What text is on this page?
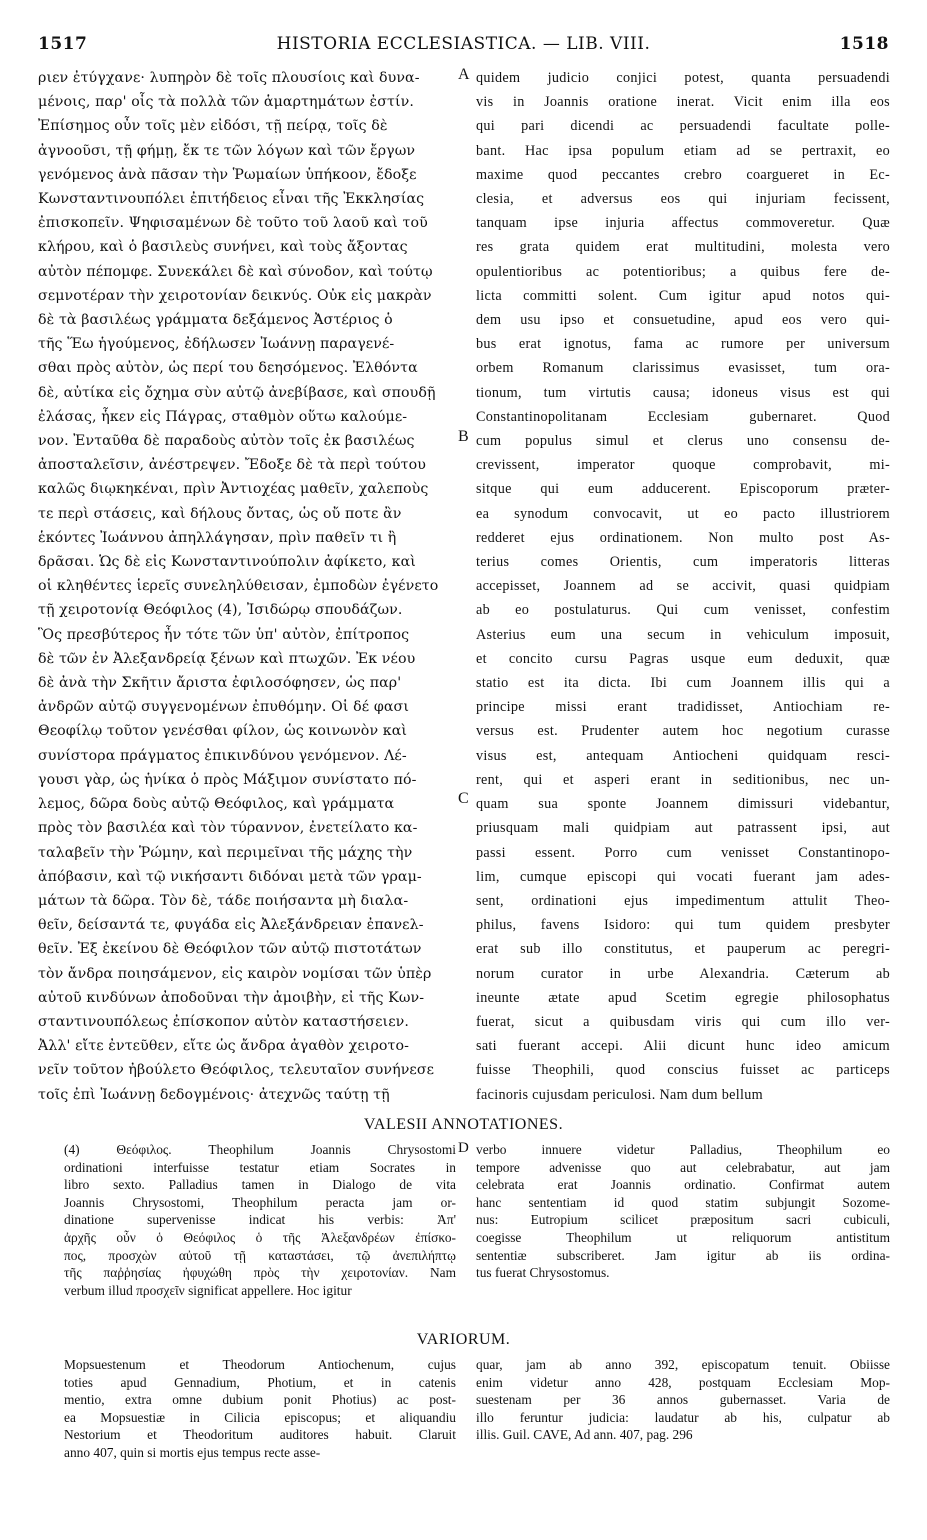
1517	HISTORIA ECCLESIASTICA. — LIB. VIII.	1518
ριεν ἐτύγχανε· λυπηρὸν δὲ τοῖς πλουσίοις καὶ δυνα-
μένοις, παρ' οἷς τὰ πολλὰ τῶν ἁμαρτημάτων ἐστίν.
Ἐπίσημος οὖν τοῖς μὲν εἰδόσι, τῇ πείρᾳ, τοῖς δὲ
ἀγνοοῦσι, τῇ φήμῃ, ἔκ τε τῶν λόγων καὶ τῶν ἔργων
γενόμενος ἀνὰ πᾶσαν τὴν Ῥωμαίων ὑπήκοον, ἔδοξε
Κωνσταντινουπόλει ἐπιτήδειος εἶναι τῆς Ἐκκλησίας
ἐπισκοπεῖν. Ψηφισαμένων δὲ τοῦτο τοῦ λαοῦ καὶ τοῦ
κλήρου, καὶ ὁ βασιλεὺς συνήνει, καὶ τοὺς ἄξοντας
αὐτὸν πέπομφε. Συνεκάλει δὲ καὶ σύνοδον, καὶ τούτῳ
σεμνοτέραν τὴν χειροτονίαν δεικνύς. Οὐκ εἰς μακρὰν
δὲ τὰ βασιλέως γράμματα δεξάμενος Ἀστέριος ὁ
τῆς Ἕω ἡγούμενος, ἐδήλωσεν Ἰωάννῃ παραγενέ-
σθαι πρὸς αὐτὸν, ὡς περί του δεησόμενος. Ἐλθόντα
δὲ, αὐτίκα εἰς ὄχημα σὺν αὐτῷ ἀνεβίβασε, καὶ σπουδῇ
ἐλάσας, ἧκεν εἰς Πάγρας, σταθμὸν οὕτω καλούμε-
νον. Ἐνταῦθα δὲ παραδοὺς αὐτὸν τοῖς ἐκ βασιλέως
ἀποσταλεῖσιν, ἀνέστρεψεν. Ἔδοξε δὲ τὰ περὶ τούτου
καλῶς διῳκηκέναι, πρὶν Ἀντιοχέας μαθεῖν, χαλεποὺς
τε περὶ στάσεις, καὶ δήλους ὄντας, ὡς οὔ ποτε ἂν
ἑκόντες Ἰωάννου ἀπηλλάγησαν, πρὶν παθεῖν τι ἢ
δρᾶσαι. Ὡς δὲ εἰς Κωνσταντινούπολιν ἀφίκετο, καὶ
οἱ κληθέντες ἱερεῖς συνεληλύθεισαν, ἐμποδὼν ἐγένετο
τῇ χειροτονίᾳ Θεόφιλος (4), Ἰσιδώρῳ σπουδάζων.
Ὃς πρεσβύτερος ἦν τότε τῶν ὑπ' αὐτὸν, ἐπίτροπος
δὲ τῶν ἐν Ἀλεξανδρείᾳ ξένων καὶ πτωχῶν. Ἐκ νέου
δὲ ἀνὰ τὴν Σκῆτιν ἄριστα ἐφιλοσόφησεν, ὡς παρ'
ἀνδρῶν αὐτῷ συγγενομένων ἐπυθόμην. Οἱ δέ φασι
Θεοφίλῳ τοῦτον γενέσθαι φίλον, ὡς κοινωνὸν καὶ
συνίστορα πράγματος ἐπικινδύνου γενόμενον. Λέ-
γουσι γὰρ, ὡς ἡνίκα ὁ πρὸς Μάξιμον συνίστατο πό-
λεμος, δῶρα δοὺς αὐτῷ Θεόφιλος, καὶ γράμματα
πρὸς τὸν βασιλέα καὶ τὸν τύραννον, ἐνετείλατο κα-
ταλαβεῖν τὴν Ῥώμην, καὶ περιμεῖναι τῆς μάχης τὴν
ἀπόβασιν, καὶ τῷ νικήσαντι διδόναι μετὰ τῶν γραμ-
μάτων τὰ δῶρα. Τὸν δὲ, τάδε ποιήσαντα μὴ διαλα-
θεῖν, δείσαντά τε, φυγάδα εἰς Ἀλεξάνδρειαν ἐπανελ-
θεῖν. Ἐξ ἐκείνου δὲ Θεόφιλον τῶν αὐτῷ πιστοτάτων
τὸν ἄνδρα ποιησάμενον, εἰς καιρὸν νομίσαι τῶν ὑπὲρ
αὐτοῦ κινδύνων ἀποδοῦναι τὴν ἀμοιβὴν, εἰ τῆς Κων-
σταντινουπόλεως ἐπίσκοπον αὐτὸν καταστήσειεν.
Ἀλλ' εἴτε ἐντεῦθεν, εἴτε ὡς ἄνδρα ἀγαθὸν χειροτο-
νεῖν τοῦτον ἠβούλετο Θεόφιλος, τελευταῖον συνήνεσε
τοῖς ἐπὶ Ἰωάννῃ δεδογμένοις· ἀτεχνῶς ταύτῃ τῇ
A
B
C
quidem judicio conjici potest, quanta persuadendi
vis in Joannis oratione inerat. Vicit enim illa eos
qui pari dicendi ac persuadendi facultate polle-
bant. Hac ipsa populum etiam ad se pertraxit, eo
maxime quod peccantes crebro coargueret in Ec-
clesia, et adversus eos qui injuriam fecissent,
tanquam ipse injuria affectus commoveretur. Quæ
res grata quidem erat multitudini, molesta vero
opulentioribus ac potentioribus; a quibus fere de-
licta committi solent. Cum igitur apud notos qui-
dem usu ipso et consuetudine, apud eos vero qui-
bus erat ignotus, fama ac rumore per universum
orbem Romanum clarissimus evasisset, tum ora-
tionum, tum virtutis causa; idoneus visus est qui
Constantinopolitanam Ecclesiam gubernaret. Quod
cum populus simul et clerus uno consensu de-
crevissent, imperator quoque comprobavit, mi-
sitque qui eum adducerent. Episcoporum præter-
ea synodum convocavit, ut eo pacto illustriorem
redderet ejus ordinationem. Non multo post As-
terius comes Orientis, cum imperatoris litteras
accepisset, Joannem ad se accivit, quasi quidpiam
ab eo postulaturus. Qui cum venisset, confestim
Asterius eum una secum in vehiculum imposuit,
et concito cursu Pagras usque eum deduxit, quæ
statio est ita dicta. Ibi cum Joannem illis qui a
principe missi erant tradidisset, Antiochiam re-
versus est. Prudenter autem hoc negotium curasse
visus est, antequam Antiocheni quidquam resci-
rent, qui et asperi erant in seditionibus, nec un-
quam sua sponte Joannem dimissuri videbantur,
priusquam mali quidpiam aut patrassent ipsi, aut
passi essent. Porro cum venisset Constantinopo-
lim, cumque episcopi qui vocati fuerant jam ades-
sent, ordinationi ejus impedimentum attulit Theo-
philus, favens Isidoro: qui tum quidem presbyter
erat sub illo constitutus, et pauperum ac peregri-
norum curator in urbe Alexandria. Cæterum ab
ineunte ætate apud Scetim egregie philosophatus
fuerat, sicut a quibusdam viris qui cum illo ver-
sati fuerant accepi. Alii dicunt hunc ideo amicum
fuisse Theophili, quod conscius fuisset ac particeps
facinoris cujusdam periculosi. Nam dum bellum
VALESII ANNOTATIONES.
(4) Θεόφιλος. Theophilum Joannis Chrysostomi
ordinationi interfuisse testatur etiam Socrates in
libro sexto. Palladius tamen in Dialogo de vita
Joannis Chrysostomi, Theophilum peracta jam or-
dinatione supervenisse indicat his verbis: Ἀπ'
ἀρχῆς οὖν ὁ Θεόφιλος ὁ τῆς Ἀλεξανδρέων ἐπίσκο-
πος, προσχὼν αὐτοῦ τῇ καταστάσει, τῷ ἀνεπιλήπτῳ
τῆς παῤῥησίας ἠφυχώθη πρὸς τὴν χειροτονίαν. Nam
verbum illud προσχεῖν significat appellere. Hoc igitur
D verbo innuere videtur Palladius, Theophilum eo
tempore advenisse quo aut celebrabatur, aut jam
celebrata erat Joannis ordinatio. Confirmat autem
hanc sententiam id quod statim subjungit Sozome-
nus: Eutropium scilicet præpositum sacri cubiculi,
coegisse Theophilum ut reliquorum antistitum
sententiæ subscriberet. Jam igitur ab iis ordina-
tus fuerat Chrysostomus.
VARIORUM.
Mopsuestenum et Theodorum Antiochenum, cujus
toties apud Gennadium, Photium, et in catenis
mentio, extra omne dubium ponit Photius) ac post-
ea Mopsuestiæ in Cilicia episcopus; et aliquandiu
Nestorium et Theodoritum auditores habuit. Claruit
anno 407, quin si mortis ejus tempus recte asse-
quar, jam ab anno 392, episcopatum tenuit. Obiisse
enim videtur anno 428, postquam Ecclesiam Mop-
suestenam per 36 annos gubernasset. Varia de
illo feruntur judicia: laudatur ab his, culpatur ab
illis. Guil. CAVE, Ad ann. 407, pag. 296
